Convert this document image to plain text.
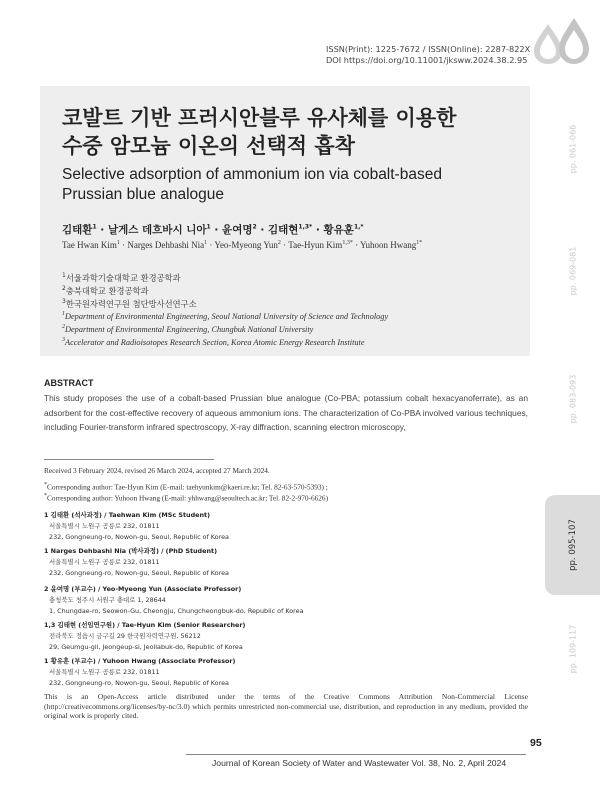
ISSN(Print): 1225-7672 / ISSN(Online): 2287-822X
DOI https://doi.org/10.11001/jksww.2024.38.2.95
pp. 061-066
pp. 069-081
pp. 083-093
pp. 095-107
pp. 109-117
코발트 기반 프러시안블루 유사체를 이용한
수중 암모늄 이온의 선택적 흡착
Selective adsorption of ammonium ion via cobalt-based Prussian blue analogue
김태환$^1$ · 날게스 데흐바시 니아$^1$ · 윤여명$^2$ · 김태현$^{1,3*}$ · 황유훈$^{1,*}$
Tae Hwan Kim$^1$ · Narges Dehbashi Nia$^1$ · Yeo-Myeong Yun$^2$ · Tae-Hyun Kim$^{1,3*}$ · Yuhoon Hwang$^{1*}$
$^1$서울과학기술대학교 환경공학과
$^2$충북대학교 환경공학과
$^3$한국원자력연구원 첨단방사선연구소
$^1$Department of Environmental Engineering, Seoul National University of Science and Technology
$^2$Department of Environmental Engineering, Chungbuk National University
$^3$Accelerator and Radioisotopes Research Section, Korea Atomic Energy Research Institute
ABSTRACT
This study proposes the use of a cobalt-based Prussian blue analogue (Co-PBA; potassium cobalt hexacyanoferrate), as an adsorbent for the cost-effective recovery of aqueous ammonium ions. The characterization of Co-PBA involved various techniques, including Fourier-transform infrared spectroscopy, X-ray diffraction, scanning electron microscopy,
Received 3 February 2024, revised 26 March 2024, accepted 27 March 2024.
*Corresponding author: Tae-Hyun Kim (E-mail: taehyunkim@kaeri.re.kr; Tel. 82-63-570-5393) ;
*Corresponding author: Yuhoon Hwang (E-mail: yhhwang@seoultech.ac.kr; Tel. 82-2-970-6626)
1 김태환 (석사과정) / Taehwan Kim (MSc Student)
서울특별시 노원구 공릉로 232, 01811
232, Gongneung-ro, Nowon-gu, Seoul, Republic of Korea
1 Narges Dehbashi Nia (박사과정) / (PhD Student)
서울특별시 노원구 공릉로 232, 01811
232, Gongneung-ro, Nowon-gu, Seoul, Republic of Korea
2 윤여명 (부교수) / Yeo-Myeong Yun (Associate Professor)
충청북도 청주시 서원구 충대로 1, 28644
1, Chungdae-ro, Seowon-Gu, Cheongju, Chungcheongbuk-do, Republic of Korea
1,3 김태현 (선임연구원) / Tae-Hyun Kim (Senior Researcher)
전라북도 정읍시 금구길 29 한국원자력연구원, 56212
29, Geumgu-gil, Jeongeup-si, Jeollabuk-do, Republic of Korea
1 황유훈 (부교수) / Yuhoon Hwang (Associate Professor)
서울특별시 노원구 공릉로 232, 01811
232, Gongneung-ro, Nowon-gu, Seoul, Republic of Korea
This is an Open-Access article distributed under the terms of the Creative Commons Attribution Non-Commercial License (http://creativecommons.org/licenses/by-nc/3.0) which permits unrestricted non-commercial use, distribution, and reproduction in any medium, provided the original work is properly cited.
95
Journal of Korean Society of Water and Wastewater Vol. 38, No. 2, April 2024
